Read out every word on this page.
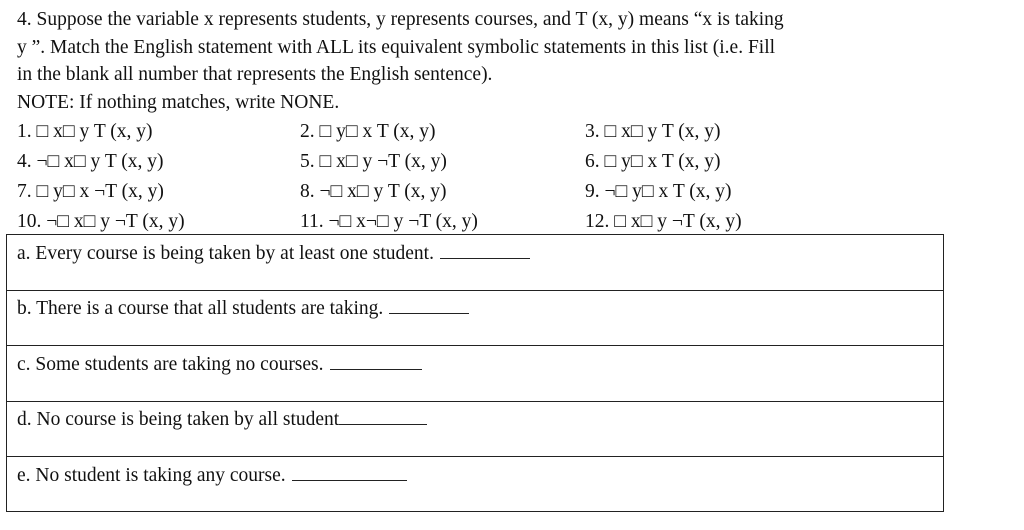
4. Suppose the variable x represents students, y represents courses, and T (x, y) means “x is taking

y ”. Match the English statement with ALL its equivalent symbolic statements in this list (i.e. Fill

in the blank all number that represents the English sentence).

NOTE: If nothing matches, write NONE.

1. □ x□ y T (x, y)	2. □ y□ x T (x, y)	3. □ x□ y T (x, y)
4. ¬□ x□ y T (x, y)	5. □ x□ y ¬T (x, y)	6. □ y□ x T (x, y)
7. □ y□ x ¬T (x, y)	8. ¬□ x□ y T (x, y)	9. ¬□ y□ x T (x, y)
10. ¬□ x□ y ¬T (x, y)	11. ¬□ x¬□ y ¬T (x, y)	12. □ x□ y ¬T (x, y)
a. Every course is being taken by at least one student.
b. There is a course that all students are taking.
c. Some students are taking no courses.
d. No course is being taken by all student
e. No student is taking any course.
